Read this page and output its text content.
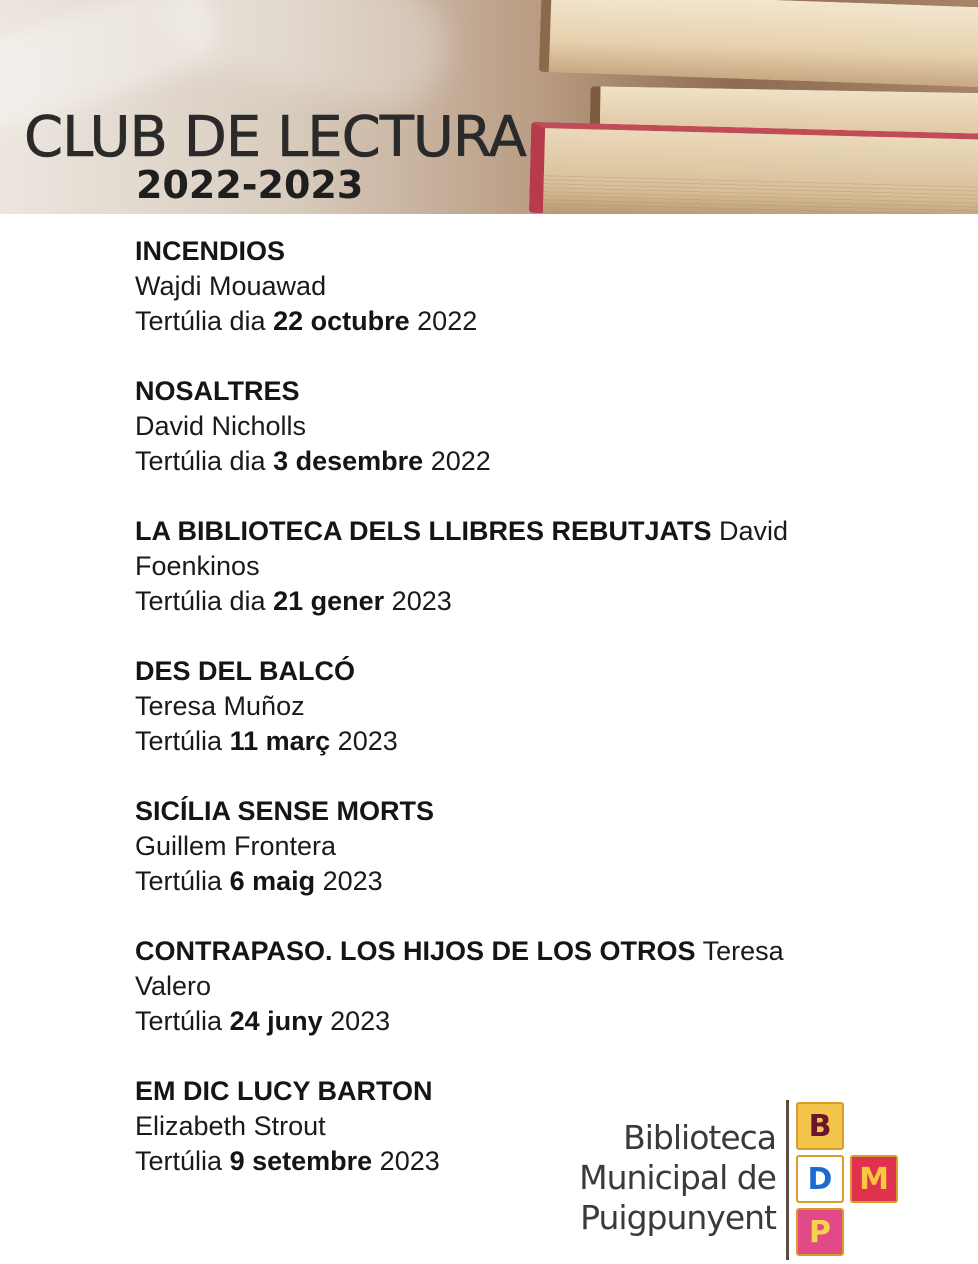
CLUB DE LECTURA
2022-2023
INCENDIOS
Wajdi Mouawad
Tertúlia dia 22 octubre 2022
NOSALTRES
David Nicholls
Tertúlia dia 3 desembre 2022
LA BIBLIOTECA DELS LLIBRES REBUTJATS David Foenkinos
Tertúlia dia 21 gener 2023
DES DEL BALCÓ
Teresa Muñoz
Tertúlia 11 març 2023
SICÍLIA SENSE MORTS
Guillem Frontera
Tertúlia 6 maig 2023
CONTRAPASO. LOS HIJOS DE LOS OTROS Teresa Valero
Tertúlia 24 juny 2023
EM DIC LUCY BARTON
Elizabeth Strout
Tertúlia 9 setembre 2023
Biblioteca
Municipal de
Puigpunyent
B
D M
P
